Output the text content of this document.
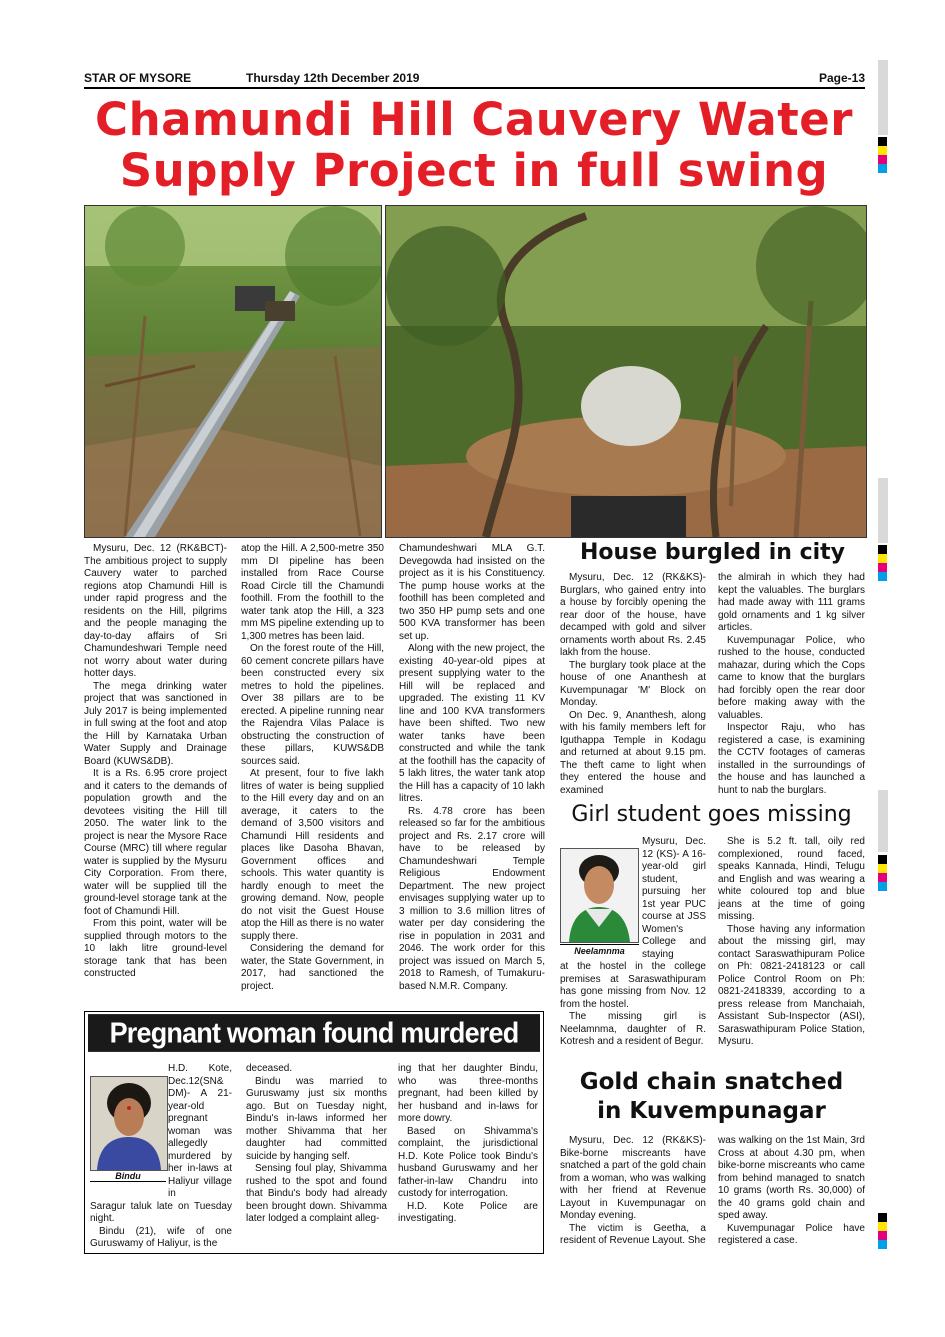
STAR OF MYSORE	Thursday 12th December 2019	Page-13
Chamundi Hill Cauvery Water
Supply Project in full swing

Mysuru, Dec. 12 (RK&BCT)- The ambitious project to supply Cauvery water to parched regions atop Chamundi Hill is under rapid progress and the residents on the Hill, pilgrims and the people managing the day-to-day affairs of Sri Chamundeshwari Temple need not worry about water during hotter days.

The mega drinking water project that was sanctioned in July 2017 is being implemented in full swing at the foot and atop the Hill by Karnataka Urban Water Supply and Drainage Board (KUWS&DB).

It is a Rs. 6.95 crore project and it caters to the demands of population growth and the devotees visiting the Hill till 2050. The water link to the project is near the Mysore Race Course (MRC) till where regular water is supplied by the Mysuru City Corporation. From there, water will be supplied till the ground-level storage tank at the foot of Chamundi Hill.

From this point, water will be supplied through motors to the 10 lakh litre ground-level storage tank that has been constructed

atop the Hill. A 2,500-metre 350 mm DI pipeline has been installed from Race Course Road Circle till the Chamundi foothill. From the foothill to the water tank atop the Hill, a 323 mm MS pipeline extending up to 1,300 metres has been laid.

On the forest route of the Hill, 60 cement concrete pillars have been constructed every six metres to hold the pipelines. Over 38 pillars are to be erected. A pipeline running near the Rajendra Vilas Palace is obstructing the construction of these pillars, KUWS&DB sources said.

At present, four to five lakh litres of water is being supplied to the Hill every day and on an average, it caters to the demand of 3,500 visitors and Chamundi Hill residents and places like Dasoha Bhavan, Government offices and schools. This water quantity is hardly enough to meet the growing demand. Now, people do not visit the Guest House atop the Hill as there is no water supply there.

Considering the demand for water, the State Government, in 2017, had sanctioned the project.

Chamundeshwari MLA G.T. Devegowda had insisted on the project as it is his Constituency. The pump house works at the foothill has been completed and two 350 HP pump sets and one 500 KVA transformer has been set up.

Along with the new project, the existing 40-year-old pipes at present supplying water to the Hill will be replaced and upgraded. The existing 11 KV line and 100 KVA transformers have been shifted. Two new water tanks have been constructed and while the tank at the foothill has the capacity of 5 lakh litres, the water tank atop the Hill has a capacity of 10 lakh litres.

Rs. 4.78 crore has been released so far for the ambitious project and Rs. 2.17 crore will have to be released by Chamundeshwari Temple Religious Endowment Department. The new project envisages supplying water up to 3 million to 3.6 million litres of water per day considering the rise in population in 2031 and 2046. The work order for this project was issued on March 5, 2018 to Ramesh, of Tumakuru-based N.M.R. Company.

House burgled in city

Mysuru, Dec. 12 (RK&KS)- Burglars, who gained entry into a house by forcibly opening the rear door of the house, have decamped with gold and silver ornaments worth about Rs. 2.45 lakh from the house.

The burglary took place at the house of one Ananthesh at Kuvempunagar 'M' Block on Monday.

On Dec. 9, Ananthesh, along with his family members left for Iguthappa Temple in Kodagu and returned at about 9.15 pm. The theft came to light when they entered the house and examined

the almirah in which they had kept the valuables. The burglars had made away with 111 grams gold ornaments and 1 kg silver articles.

Kuvempunagar Police, who rushed to the house, conducted mahazar, during which the Cops came to know that the burglars had forcibly open the rear door before making away with the valuables.

Inspector Raju, who has registered a case, is examining the CCTV footages of cameras installed in the surroundings of the house and has launched a hunt to nab the burglars.

Girl student goes missing
Neelamnma
Mysuru, Dec. 12 (KS)- A 16-year-old girl student, pursuing her 1st year PUC course at JSS Women's College and staying

at the hostel in the college premises at Saraswathipuram has gone missing from Nov. 12 from the hostel.

The missing girl is Neelamnma, daughter of R. Kotresh and a resident of Begur.

She is 5.2 ft. tall, oily red complexioned, round faced, speaks Kannada, Hindi, Telugu and English and was wearing a white coloured top and blue jeans at the time of going missing.

Those having any information about the missing girl, may contact Saraswathipuram Police on Ph: 0821-2418123 or call Police Control Room on Ph: 0821-2418339, according to a press release from Manchaiah, Assistant Sub-Inspector (ASI), Saraswathipuram Police Station, Mysuru.

Pregnant woman found murdered
Bindu
H.D. Kote, Dec.12(SN& DM)- A 21-year-old pregnant woman was allegedly murdered by her in-laws at Haliyur village in

Saragur taluk late on Tuesday night.

Bindu (21), wife of one Guruswamy of Haliyur, is the

deceased.

Bindu was married to Guruswamy just six months ago. But on Tuesday night, Bindu's in-laws informed her mother Shivamma that her daughter had committed suicide by hanging self.

Sensing foul play, Shivamma rushed to the spot and found that Bindu's body had already been brought down. Shivamma later lodged a complaint alleg-

ing that her daughter Bindu, who was three-months pregnant, had been killed by her husband and in-laws for more dowry.

Based on Shivamma's complaint, the jurisdictional H.D. Kote Police took Bindu's husband Guruswamy and her father-in-law Chandru into custody for interrogation.

H.D. Kote Police are investigating.

Gold chain snatched
in Kuvempunagar

Mysuru, Dec. 12 (RK&KS)- Bike-borne miscreants have snatched a part of the gold chain from a woman, who was walking with her friend at Revenue Layout in Kuvempunagar on Monday evening.

The victim is Geetha, a resident of Revenue Layout. She

was walking on the 1st Main, 3rd Cross at about 4.30 pm, when bike-borne miscreants who came from behind managed to snatch 10 grams (worth Rs. 30,000) of the 40 grams gold chain and sped away.

Kuvempunagar Police have registered a case.
